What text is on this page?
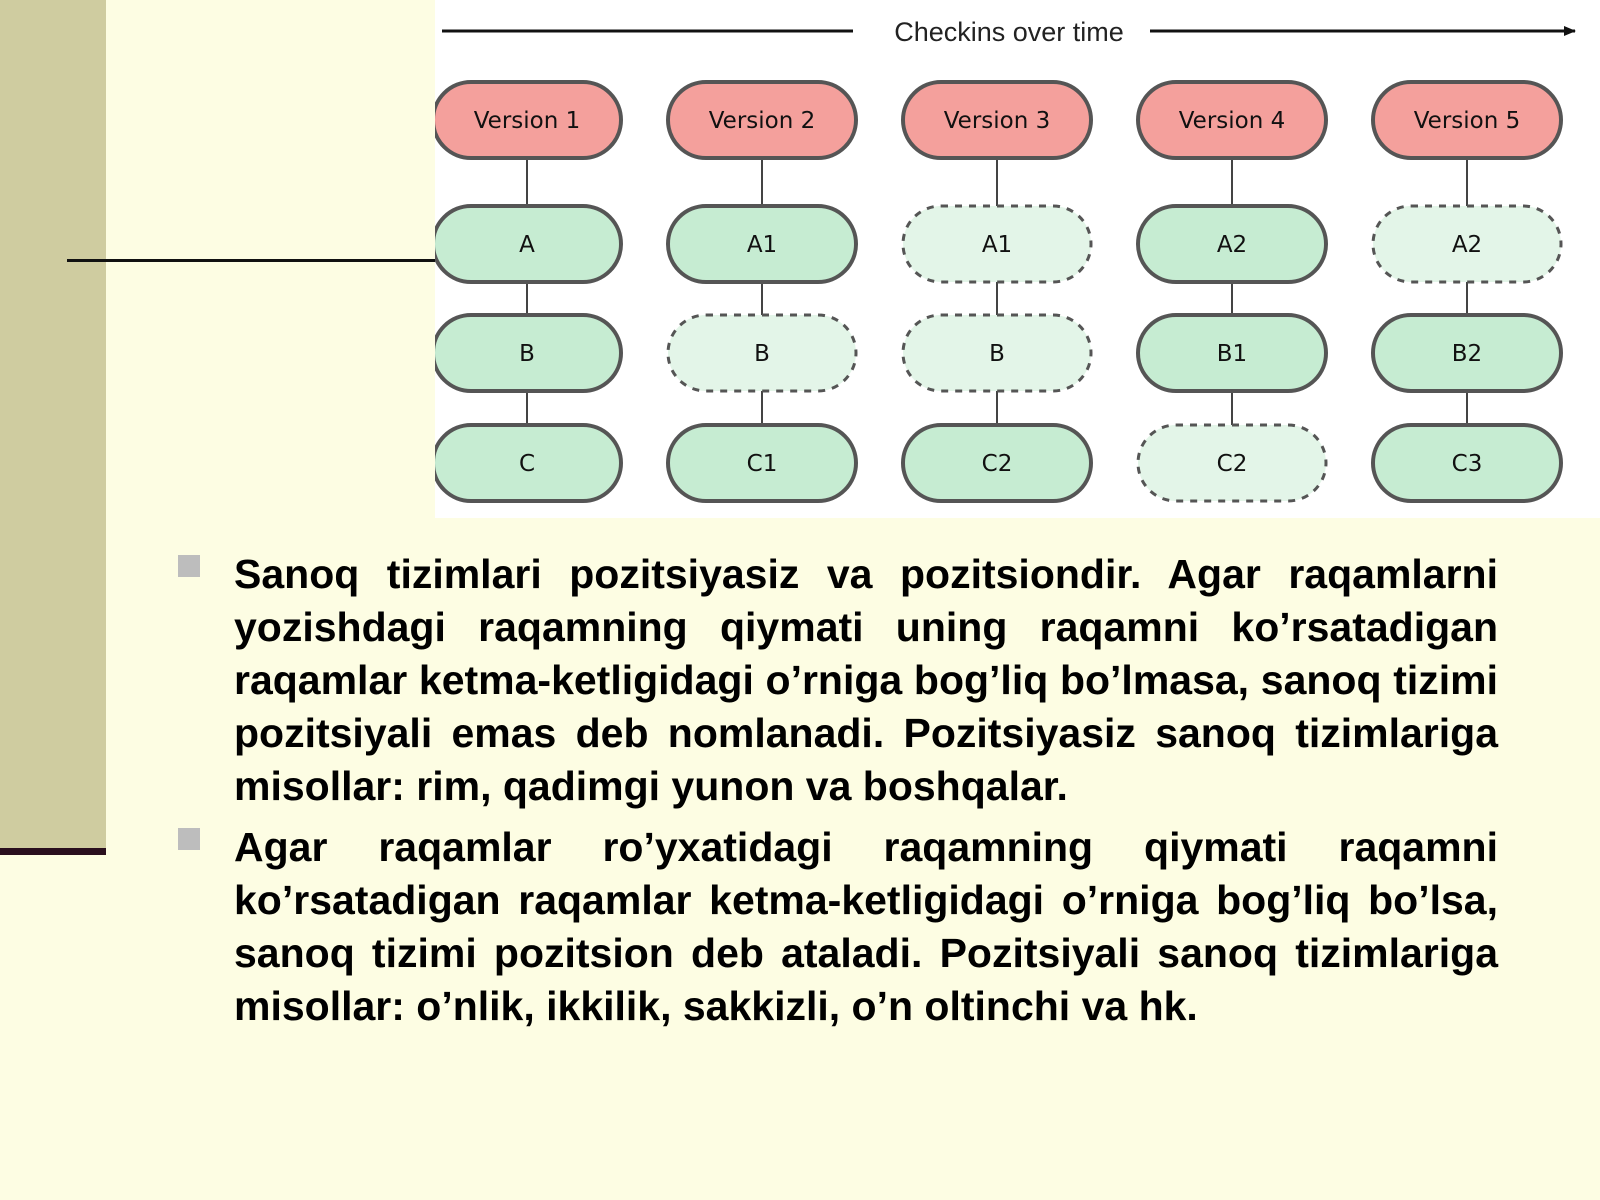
Checkins over time
Version 1
A
B
C
Version 2
A1
B
C1
Version 3
A1
B
C2
Version 4
A2
B1
C2
Version 5
A2
B2
C3

Sanoq tizimlari pozitsiyasiz va pozitsiondir. Agar raqamlarni yozishdagi raqamning qiymati uning raqamni ko’rsatadigan raqamlar ketma-ketligidagi o’rniga bog’liq bo’lmasa, sanoq tizimi pozitsiyali emas deb nomlanadi. Pozitsiyasiz sanoq tizimlariga misollar: rim, qadimgi yunon va boshqalar.

Agar raqamlar ro’yxatidagi raqamning qiymati raqamni ko’rsatadigan raqamlar ketma-ketligidagi o’rniga bog’liq bo’lsa, sanoq tizimi pozitsion deb ataladi. Pozitsiyali sanoq tizimlariga misollar: o’nlik, ikkilik, sakkizli, o’n oltinchi va hk.
